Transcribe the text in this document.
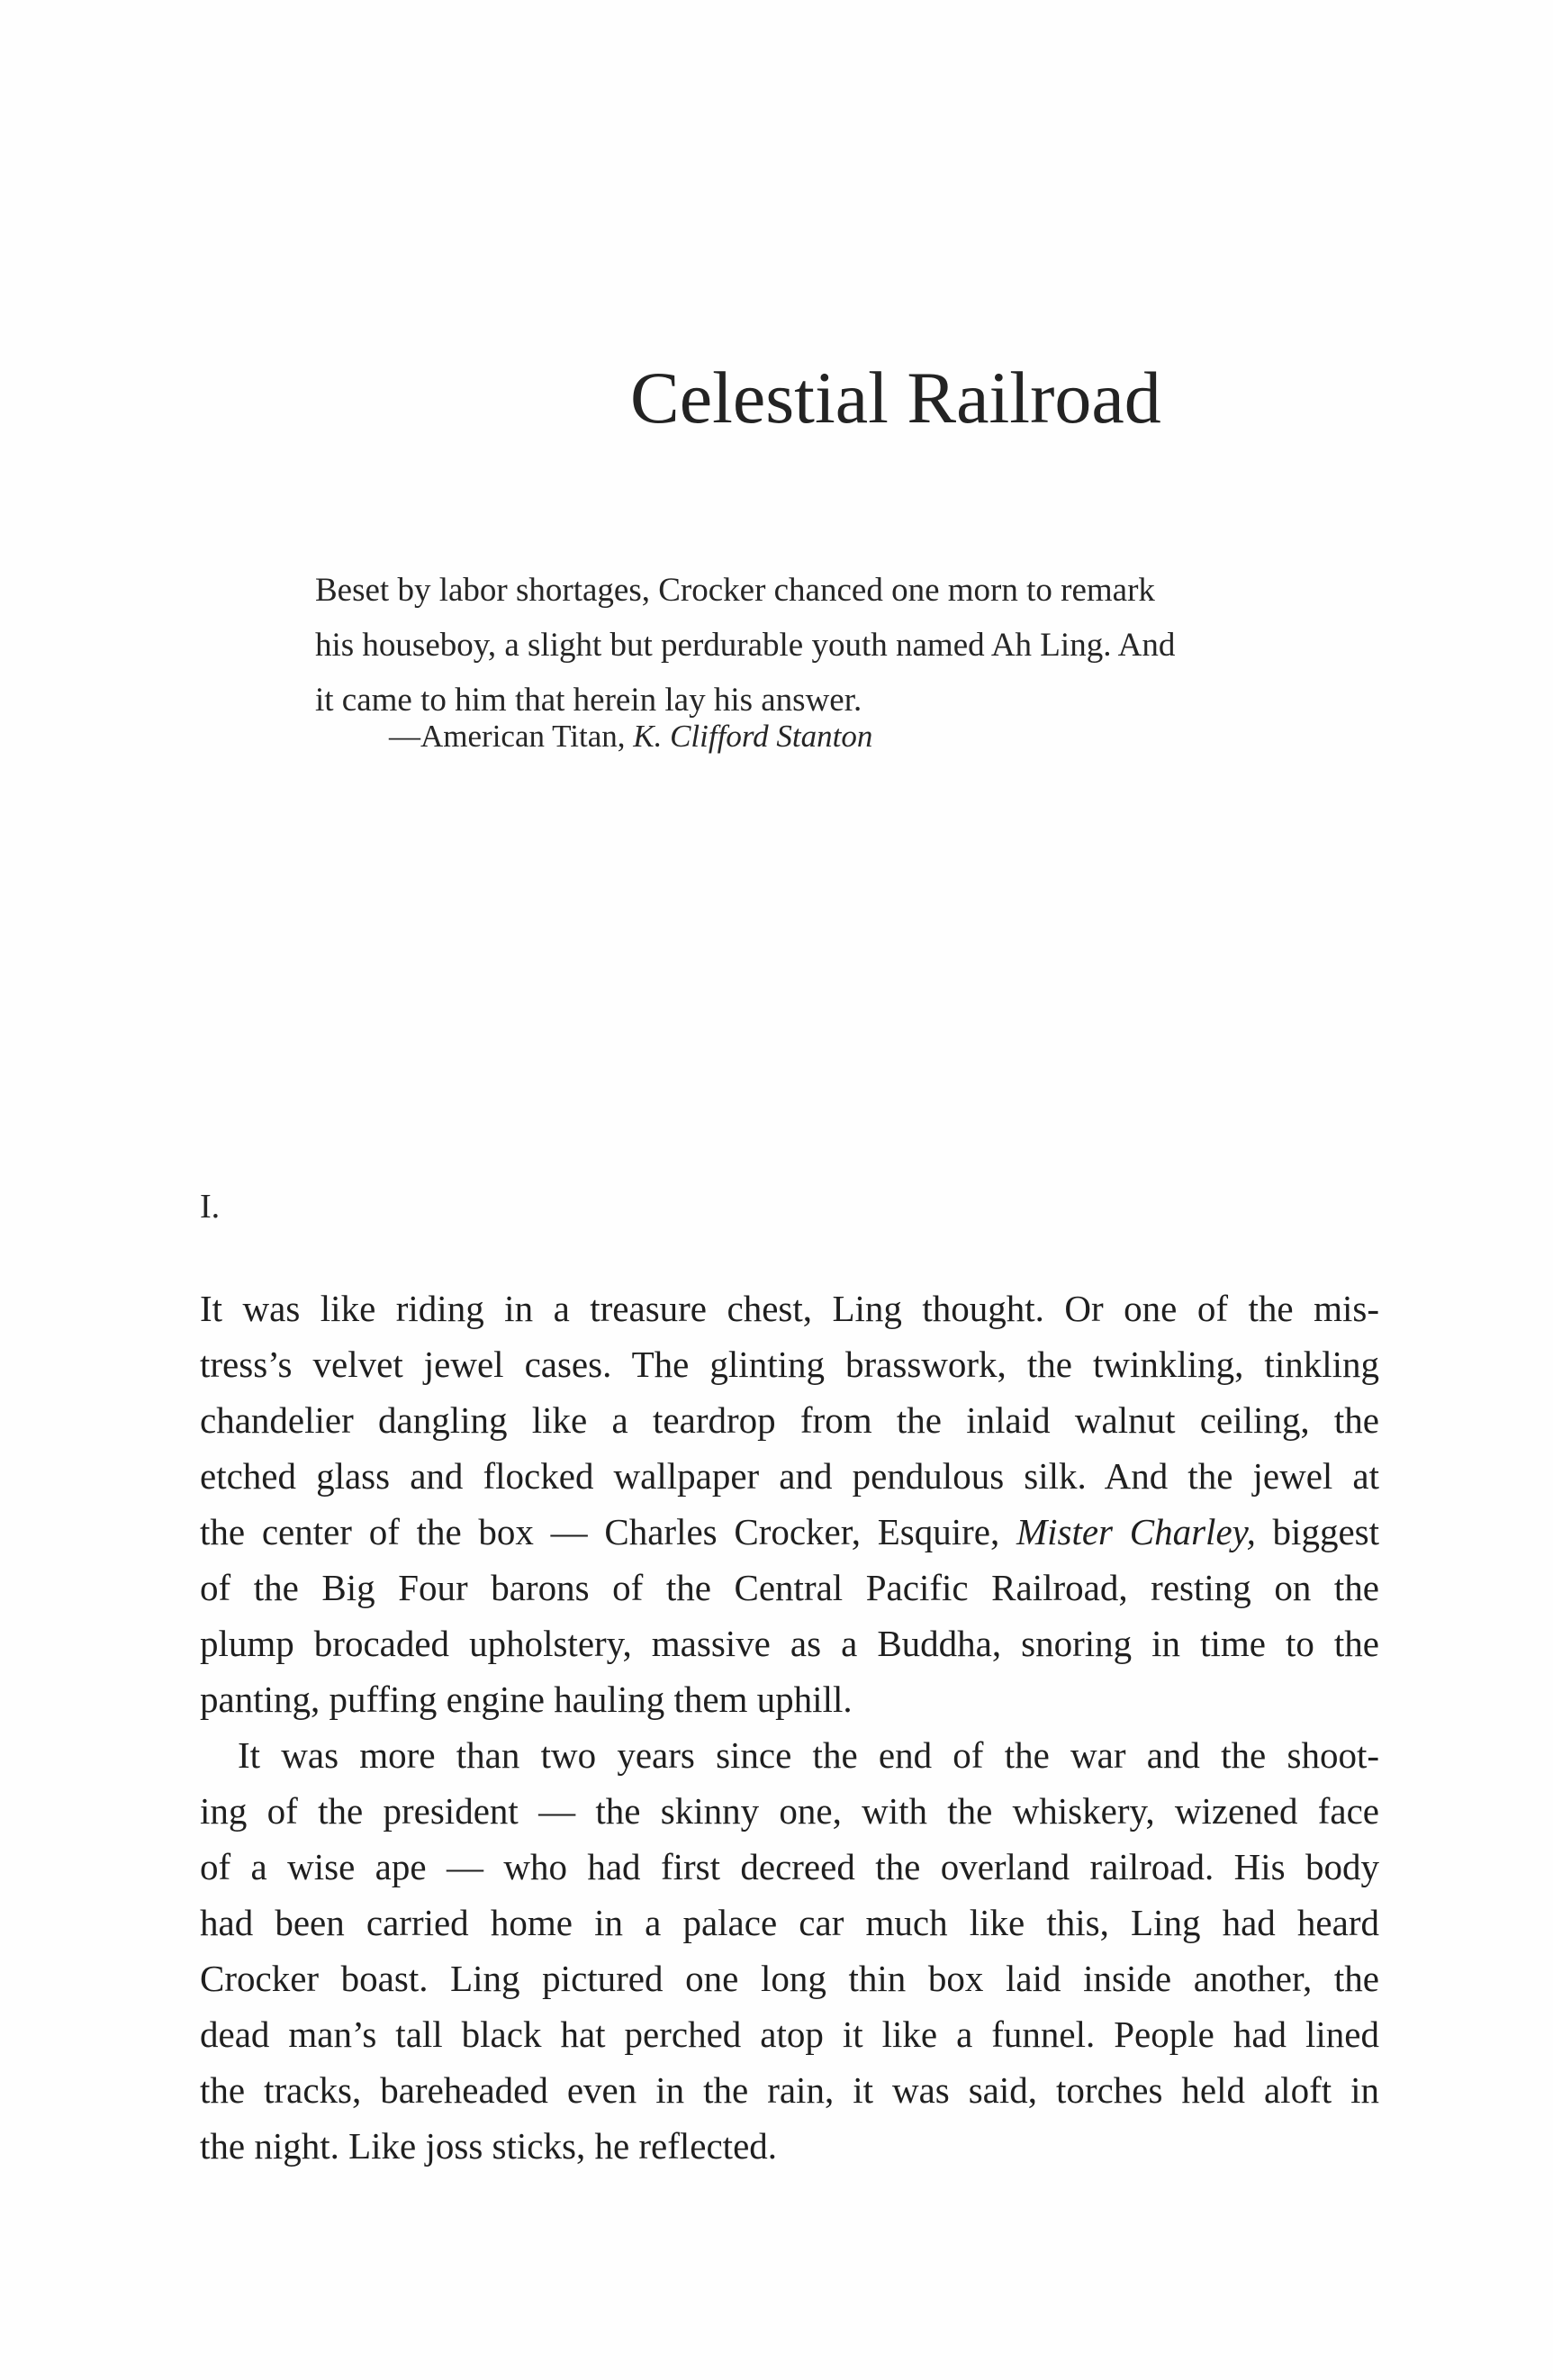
Celestial Railroad
Beset by labor shortages, Crocker chanced one morn to remark
his houseboy, a slight but perdurable youth named Ah Ling. And
it came to him that herein lay his answer.
—American Titan, K. Clifford Stanton
I.
It was like riding in a treasure chest, Ling thought. Or one of the mis-
tress’s velvet jewel cases. The glinting brasswork, the twinkling, tinkling
chandelier dangling like a teardrop from the inlaid walnut ceiling, the
etched glass and flocked wallpaper and pendulous silk. And the jewel at
the center of the box — Charles Crocker, Esquire, Mister Charley, biggest
of the Big Four barons of the Central Pacific Railroad, resting on the
plump brocaded upholstery, massive as a Buddha, snoring in time to the
panting, puffing engine hauling them uphill.
It was more than two years since the end of the war and the shoot-
ing of the president — the skinny one, with the whiskery, wizened face
of a wise ape — who had first decreed the overland railroad. His body
had been carried home in a palace car much like this, Ling had heard
Crocker boast. Ling pictured one long thin box laid inside another, the
dead man’s tall black hat perched atop it like a funnel. People had lined
the tracks, bareheaded even in the rain, it was said, torches held aloft in
the night. Like joss sticks, he reflected.
